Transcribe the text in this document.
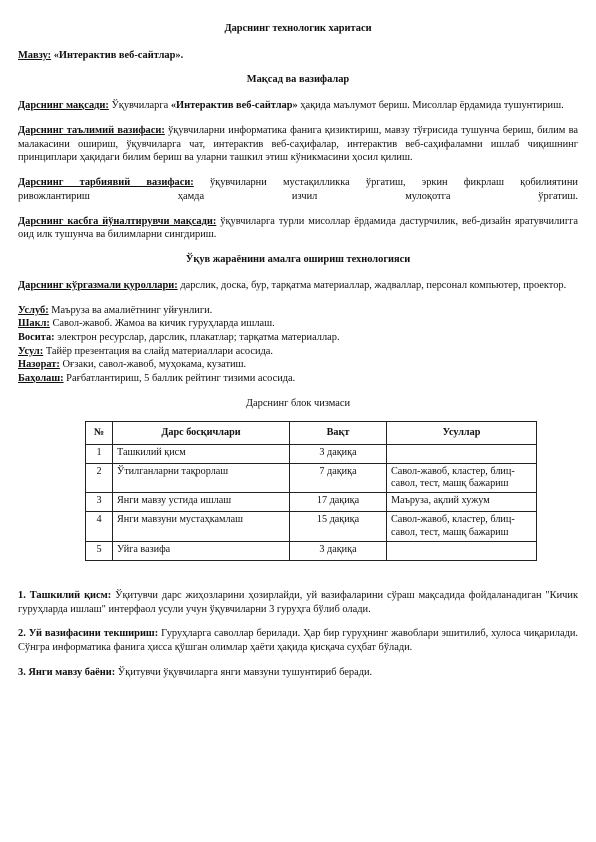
Дарснинг технологик харитаси

Мавзу: «Интерактив веб-сайтлар».

Мақсад ва вазифалар

Дарснинг мақсади: Ўқувчиларга «Интерактив веб-сайтлар» ҳақида маълумот бериш. Мисоллар ёрдамида тушунтириш.

Дарснинг таълимий вазифаси: ўқувчиларни информатика фанига қизиктириш, мавзу тўғрисида тушунча бериш, билим ва малакасини ошириш, ўқувчиларга чат, интерактив веб-саҳифалар, интерактив веб-саҳифаламни ишлаб чиқишнинг принциплари ҳақидаги билим бериш ва уларни ташкил этиш кўникмасини ҳосил қилиш.

Дарснинг тарбиявий вазифаси: ўқувчиларни мустақилликка ўргатиш, эркин фикрлаш қобилиятини

ривожлантириш ҳамда изчил мулоқотга ўргатиш.

Дарснинг касбга йўналтирувчи мақсади: ўқувчиларга турли мисоллар ёрдамида дастурчилик, веб-дизайн яратувчилигга оид илк тушунча ва билимларни сингдириш.

Ўқув жараёнини амалга ошириш технологияси

Дарснинг кўргазмали қуроллари: дарслик, доска, бур, тарқатма материаллар, жадваллар, персонал компьютер, проектор.

Услуб: Маъруза ва амалиётнинг уйғунлиги.

Шакл: Савол-жавоб. Жамоа ва кичик гуруҳларда ишлаш.

Восита: электрон ресурслар, дарслик, плакатлар; тарқатма материаллар.

Усул: Тайёр презентация ва слайд материаллари асосида.

Назорат: Оғзаки, савол-жавоб, муҳокама, кузатиш.

Баҳолаш: Рағбатлантириш, 5 баллик рейтинг тизими асосида.

Дарснинг блок чизмаси
№	Дарс босқичлари	Вақт	Усуллар
1	Ташкилий қисм	3 дақиқа	
2	Ўтилганларни тақрорлаш	7 дақиқа	Савол-жавоб, кластер, блиц-савол, тест, машқ бажариш
3	Янги мавзу устида ишлаш	17 дақиқа	Маъруза, ақлий хужум
4	Янги мавзуни мустаҳкамлаш	15 дақиқа	Савол-жавоб, кластер, блиц-савол, тест, машқ бажариш
5	Уйга вазифа	3 дақиқа	

1. Ташкилий қисм: Ўқитувчи дарс жиҳозларини ҳозирлайди, уй вазифаларини сўраш мақсадида фойдаланадиган "Кичик гуруҳларда ишлаш" интерфаол усули учун ўқувчиларни 3 гуруҳга бўлиб олади.

2. Уй вазифасини текшириш: Гуруҳларга саволлар берилади. Ҳар бир гуруҳнинг жавоблари эшитилиб, хулоса чиқарилади. Сўнгра информатика фанига ҳисса қўшган олимлар ҳаёти ҳақида қисқача суҳбат бўлади.

3. Янги мавзу баёни: Ўқитувчи ўқувчиларга янги мавзуни тушунтириб беради.
